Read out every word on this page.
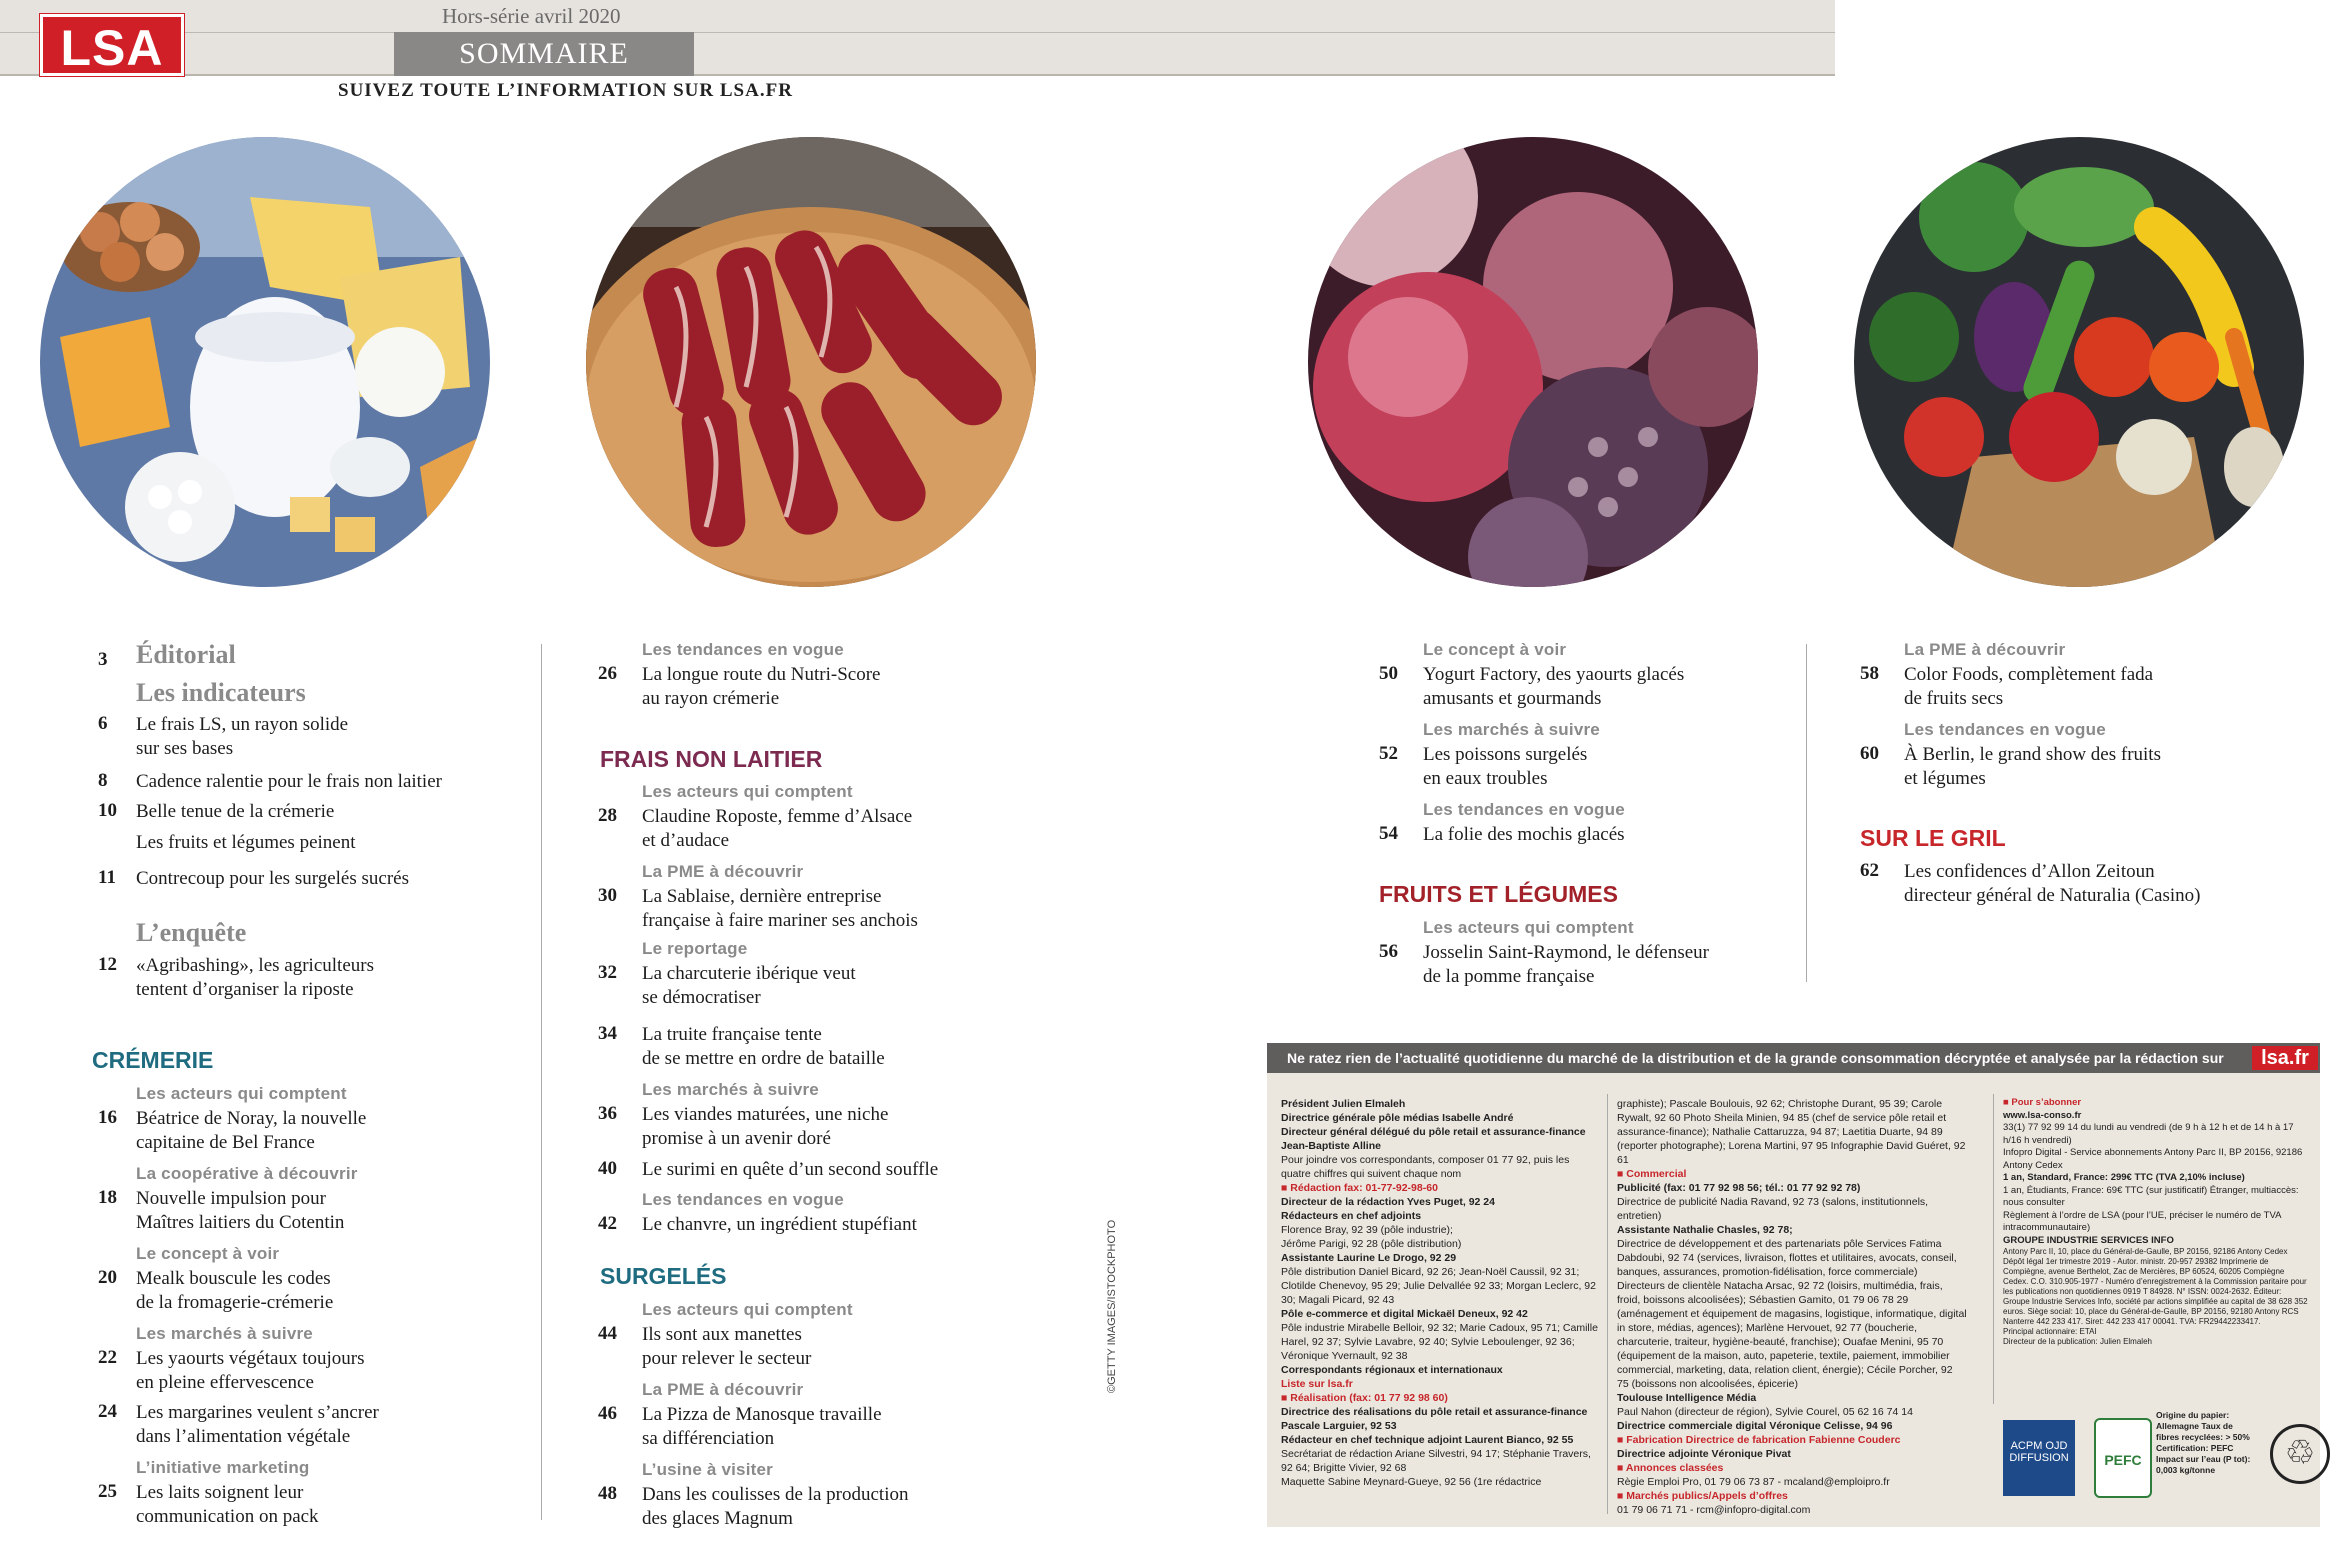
LSA
Hors-série avril 2020
SOMMAIRE
SUIVEZ TOUTE L’INFORMATION SUR LSA.FR
3 Éditorial
Les indicateurs
6 Le frais LS, un rayon solide
sur ses bases
8 Cadence ralentie pour le frais non laitier
10 Belle tenue de la crémerie
Les fruits et légumes peinent
11 Contrecoup pour les surgelés sucrés
L’enquête
12 «Agribashing», les agriculteurs
tentent d’organiser la riposte
CRÉMERIE
Les acteurs qui comptent
16 Béatrice de Noray, la nouvelle
capitaine de Bel France
La coopérative à découvrir
18 Nouvelle impulsion pour
Maîtres laitiers du Cotentin
Le concept à voir
20 Mealk bouscule les codes
de la fromagerie-crémerie
Les marchés à suivre
22 Les yaourts végétaux toujours
en pleine effervescence
24 Les margarines veulent s’ancrer
dans l’alimentation végétale
L’initiative marketing
25 Les laits soignent leur
communication on pack
Les tendances en vogue
26 La longue route du Nutri-Score
au rayon crémerie
FRAIS NON LAITIER
Les acteurs qui comptent
28 Claudine Roposte, femme d’Alsace
et d’audace
La PME à découvrir
30 La Sablaise, dernière entreprise
française à faire mariner ses anchois
Le reportage
32 La charcuterie ibérique veut
se démocratiser
34 La truite française tente
de se mettre en ordre de bataille
Les marchés à suivre
36 Les viandes maturées, une niche
promise à un avenir doré
40 Le surimi en quête d’un second souffle
Les tendances en vogue
42 Le chanvre, un ingrédient stupéfiant
SURGELÉS
Les acteurs qui comptent
44 Ils sont aux manettes
pour relever le secteur
La PME à découvrir
46 La Pizza de Manosque travaille
sa différenciation
L’usine à visiter
48 Dans les coulisses de la production
des glaces Magnum
©GETTY IMAGES/ISTOCKPHOTO
Le concept à voir
50 Yogurt Factory, des yaourts glacés
amusants et gourmands
Les marchés à suivre
52 Les poissons surgelés
en eaux troubles
Les tendances en vogue
54 La folie des mochis glacés
FRUITS ET LÉGUMES
Les acteurs qui comptent
56 Josselin Saint-Raymond, le défenseur
de la pomme française
La PME à découvrir
58 Color Foods, complètement fada
de fruits secs
Les tendances en vogue
60 À Berlin, le grand show des fruits
et légumes
SUR LE GRIL
62 Les confidences d’Allon Zeitoun
directeur général de Naturalia (Casino)
Ne ratez rien de l’actualité quotidienne du marché de la distribution et de la grande consommation décryptée et analysée par la rédaction sur	lsa.fr

Président Julien Elmaleh

Directrice générale pôle médias Isabelle André

Directeur général délégué du pôle retail et assurance-finance Jean-Baptiste Alline

Pour joindre vos correspondants, composer 01 77 92, puis les quatre chiffres qui suivent chaque nom

■ Rédaction fax: 01-77-92-98-60

Directeur de la rédaction Yves Puget, 92 24

Rédacteurs en chef adjoints

Florence Bray, 92 39 (pôle industrie);

Jérôme Parigi, 92 28 (pôle distribution)

Assistante Laurine Le Drogo, 92 29

Pôle distribution Daniel Bicard, 92 26; Jean-Noël Caussil, 92 31; Clotilde Chenevoy, 95 29; Julie Delvallée 92 33; Morgan Leclerc, 92 30; Magali Picard, 92 43

Pôle e-commerce et digital Mickaël Deneux, 92 42

Pôle industrie Mirabelle Belloir, 92 32; Marie Cadoux, 95 71; Camille Harel, 92 37; Sylvie Lavabre, 92 40; Sylvie Leboulenger, 92 36; Véronique Yvernault, 92 38

Correspondants régionaux et internationaux

Liste sur lsa.fr

■ Réalisation (fax: 01 77 92 98 60)

Directrice des réalisations du pôle retail et assurance-finance Pascale Larguier, 92 53

Rédacteur en chef technique adjoint Laurent Bianco, 92 55

Secrétariat de rédaction Ariane Silvestri, 94 17; Stéphanie Travers, 92 64; Brigitte Vivier, 92 68

Maquette Sabine Meynard-Gueye, 92 56 (1re rédactrice

graphiste); Pascale Boulouis, 92 62; Christophe Durant, 95 39; Carole Rywalt, 92 60 Photo Sheila Minien, 94 85 (chef de service pôle retail et assurance-finance); Nathalie Cattaruzza, 94 87; Laetitia Duarte, 94 89 (reporter photographe); Lorena Martini, 97 95 Infographie David Guéret, 92 61

■ Commercial

Publicité (fax: 01 77 92 98 56; tél.: 01 77 92 92 78)

Directrice de publicité Nadia Ravand, 92 73 (salons, institutionnels, entretien)

Assistante Nathalie Chasles, 92 78;

Directrice de développement et des partenariats pôle Services Fatima Dabdoubi, 92 74 (services, livraison, flottes et utilitaires, avocats, conseil, banques, assurances, promotion-fidélisation, force commerciale)

Directeurs de clientèle Natacha Arsac, 92 72 (loisirs, multimédia, frais, froid, boissons alcoolisées); Sébastien Gamito, 01 79 06 78 29 (aménagement et équipement de magasins, logistique, informatique, digital in store, médias, agences); Marlène Hervouet, 92 77 (boucherie, charcuterie, traiteur, hygiène-beauté, franchise); Ouafae Menini, 95 70 (équipement de la maison, auto, papeterie, textile, paiement, immobilier commercial, marketing, data, relation client, énergie); Cécile Porcher, 92 75 (boissons non alcoolisées, épicerie)

Toulouse Intelligence Média

Paul Nahon (directeur de région), Sylvie Courel, 05 62 16 74 14

Directrice commerciale digital Véronique Celisse, 94 96

■ Fabrication Directrice de fabrication Fabienne Couderc

Directrice adjointe Véronique Pivat

■ Annonces classées

Règie Emploi Pro, 01 79 06 73 87 - mcaland@emploipro.fr

■ Marchés publics/Appels d’offres

01 79 06 71 71 - rcm@infopro-digital.com

■ Pour s’abonner

www.lsa-conso.fr

33(1) 77 92 99 14 du lundi au vendredi (de 9 h à 12 h et de 14 h à 17 h/16 h vendredi)

Infopro Digital - Service abonnements Antony Parc II, BP 20156, 92186 Antony Cedex

1 an, Standard, France: 299€ TTC (TVA 2,10% incluse)

1 an, Étudiants, France: 69€ TTC (sur justificatif) Étranger, multiaccès: nous consulter

Règlement à l’ordre de LSA (pour l’UE, préciser le numéro de TVA intracommunautaire)

GROUPE INDUSTRIE SERVICES INFO

Antony Parc II, 10, place du Général-de-Gaulle, BP 20156, 92186 Antony Cedex Dépôt légal 1er trimestre 2019 - Autor. ministr. 20-957 29382 Imprimerie de Compiègne, avenue Berthelot, Zac de Mercières, BP 60524, 60205 Compiègne Cedex. C.O. 310.905-1977 - Numéro d’enregistrement à la Commission paritaire pour les publications non quotidiennes 0919 T 84928. N° ISSN: 0024-2632. Éditeur: Groupe Industrie Services Info, société par actions simplifiée au capital de 38 628 352 euros. Siège social: 10, place du Général-de-Gaulle, BP 20156, 92180 Antony RCS Nanterre 442 233 417. Siret: 442 233 417 00041. TVA: FR29442233417.

Principal actionnaire: ETAI

Directeur de la publication: Julien Elmaleh

ACPM OJD DIFFUSION	PEFC
Origine du papier: Allemagne Taux de fibres recyclées: > 50% Certification: PEFC Impact sur l’eau (P tot): 0,003 kg/tonne	♲
